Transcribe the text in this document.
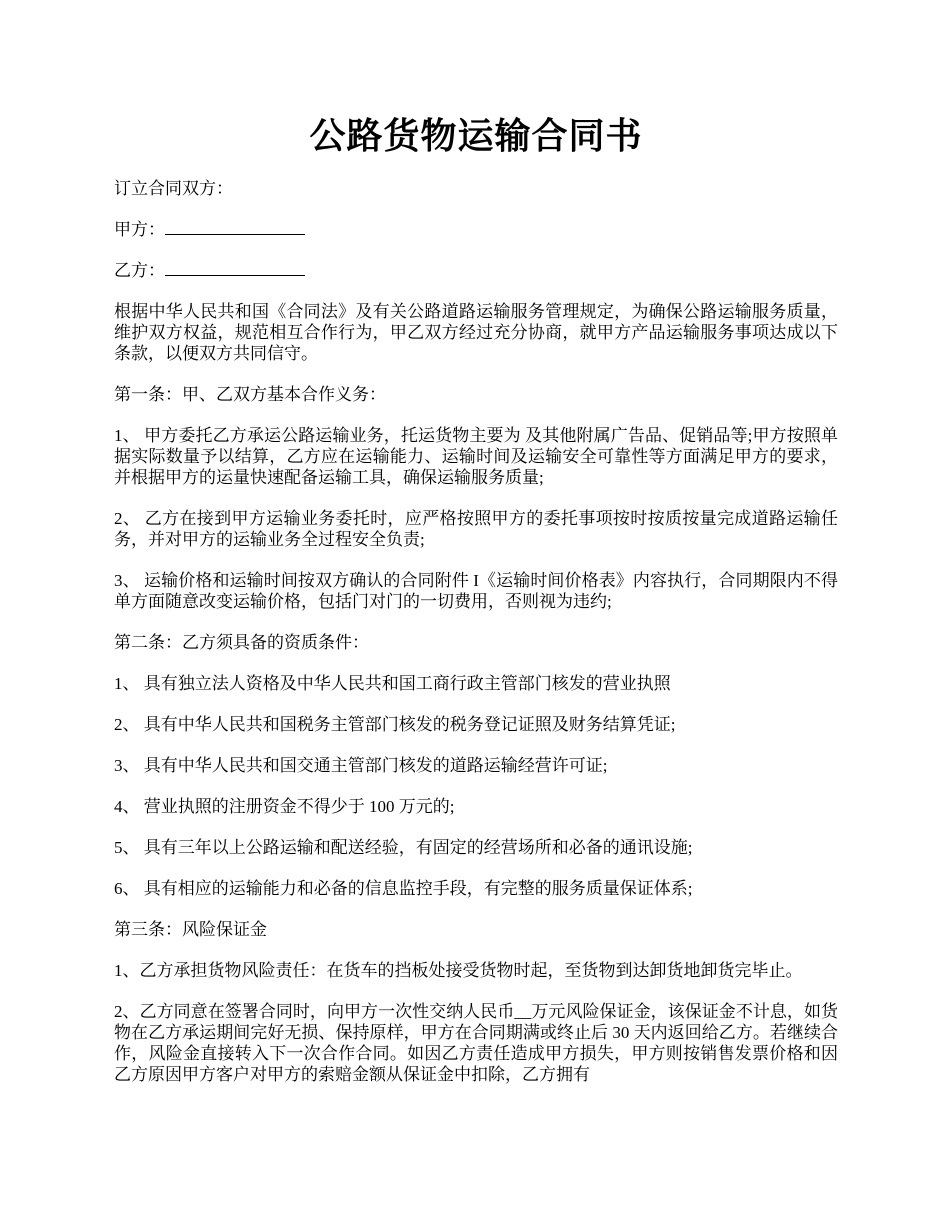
公路货物运输合同书

订立合同双方：

甲方：

乙方：

根据中华人民共和国《合同法》及有关公路道路运输服务管理规定，为确保公路运输服务质量，维护双方权益，规范相互合作行为，甲乙双方经过充分协商，就甲方产品运输服务事项达成以下条款，以便双方共同信守。

第一条：甲、乙双方基本合作义务：

1、 甲方委托乙方承运公路运输业务，托运货物主要为 及其他附属广告品、促销品等;甲方按照单据实际数量予以结算，乙方应在运输能力、运输时间及运输安全可靠性等方面满足甲方的要求，并根据甲方的运量快速配备运输工具，确保运输服务质量;

2、 乙方在接到甲方运输业务委托时，应严格按照甲方的委托事项按时按质按量完成道路运输任务，并对甲方的运输业务全过程安全负责;

3、 运输价格和运输时间按双方确认的合同附件 I《运输时间价格表》内容执行，合同期限内不得单方面随意改变运输价格，包括门对门的一切费用，否则视为违约;

第二条：乙方须具备的资质条件：

1、 具有独立法人资格及中华人民共和国工商行政主管部门核发的营业执照

2、 具有中华人民共和国税务主管部门核发的税务登记证照及财务结算凭证;

3、 具有中华人民共和国交通主管部门核发的道路运输经营许可证;

4、 营业执照的注册资金不得少于 100 万元的;

5、 具有三年以上公路运输和配送经验，有固定的经营场所和必备的通讯设施;

6、 具有相应的运输能力和必备的信息监控手段，有完整的服务质量保证体系;

第三条：风险保证金

1、乙方承担货物风险责任：在货车的挡板处接受货物时起，至货物到达卸货地卸货完毕止。

2、乙方同意在签署合同时，向甲方一次性交纳人民币__万元风险保证金，该保证金不计息，如货物在乙方承运期间完好无损、保持原样，甲方在合同期满或终止后 30 天内返回给乙方。若继续合作，风险金直接转入下一次合作合同。如因乙方责任造成甲方损失，甲方则按销售发票价格和因乙方原因甲方客户对甲方的索赔金额从保证金中扣除，乙方拥有
